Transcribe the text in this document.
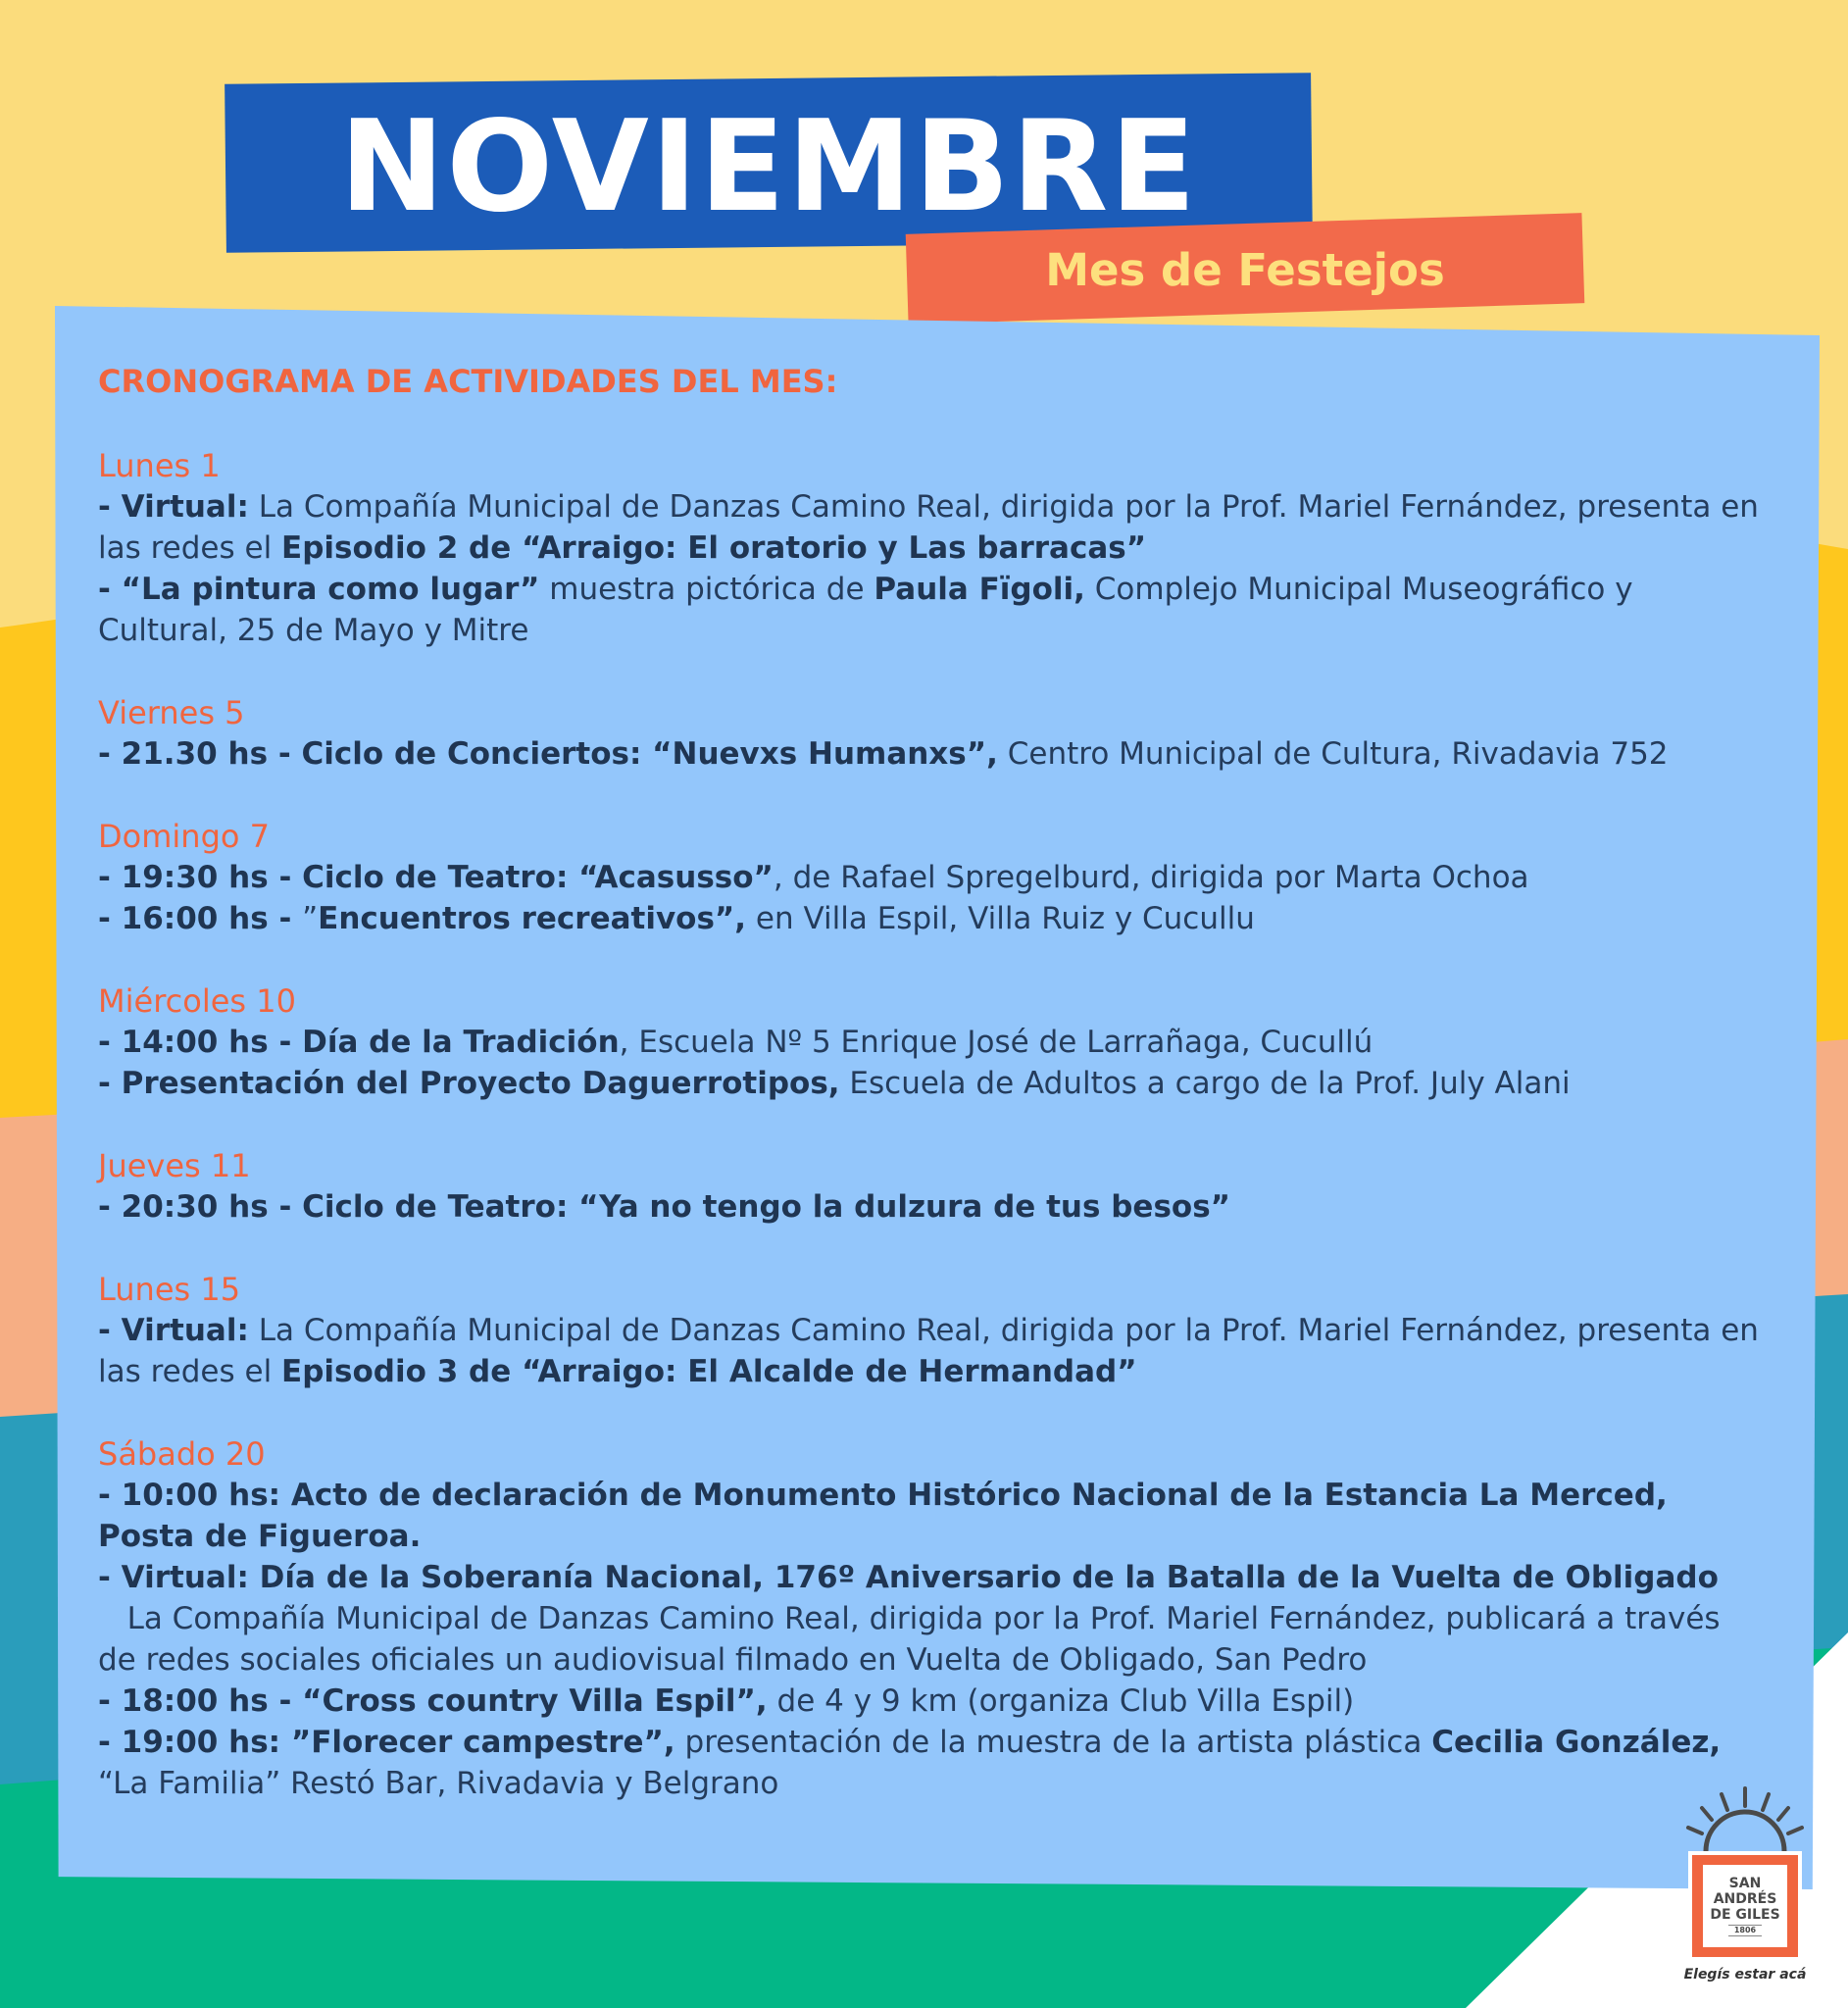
NOVIEMBRE
Mes de Festejos
CRONOGRAMA DE ACTIVIDADES DEL MES:
Lunes 1
- Virtual: La Compañía Municipal de Danzas Camino Real, dirigida por la Prof. Mariel Fernández, presenta en las redes el Episodio 2 de “Arraigo: El oratorio y Las barracas”
- “La pintura como lugar” muestra pictórica de Paula Fïgoli, Complejo Municipal Museográfico y Cultural, 25 de Mayo y Mitre
Viernes 5
- 21.30 hs - Ciclo de Conciertos: “Nuevxs Humanxs”, Centro Municipal de Cultura, Rivadavia 752
Domingo 7
- 19:30 hs - Ciclo de Teatro: “Acasusso”, de Rafael Spregelburd, dirigida por Marta Ochoa
- 16:00 hs - ”Encuentros recreativos”, en Villa Espil, Villa Ruiz y Cucullu
Miércoles 10
- 14:00 hs - Día de la Tradición, Escuela Nº 5 Enrique José de Larrañaga, Cucullú
- Presentación del Proyecto Daguerrotipos, Escuela de Adultos a cargo de la Prof. July Alani
Jueves 11
- 20:30 hs - Ciclo de Teatro: “Ya no tengo la dulzura de tus besos”
Lunes 15
- Virtual: La Compañía Municipal de Danzas Camino Real, dirigida por la Prof. Mariel Fernández, presenta en las redes el Episodio 3 de “Arraigo: El Alcalde de Hermandad”
Sábado 20
- 10:00 hs: Acto de declaración de Monumento Histórico Nacional de la Estancia La Merced, Posta de Figueroa.
- Virtual: Día de la Soberanía Nacional, 176º Aniversario de la Batalla de la Vuelta de Obligado
La Compañía Municipal de Danzas Camino Real, dirigida por la Prof. Mariel Fernández, publicará a través de redes sociales oficiales un audiovisual filmado en Vuelta de Obligado, San Pedro
- 18:00 hs - “Cross country Villa Espil”, de 4 y 9 km (organiza Club Villa Espil)
- 19:00 hs: ”Florecer campestre”, presentación de la muestra de la artista plástica Cecilia González, “La Familia” Restó Bar, Rivadavia y Belgrano
SAN
ANDRÉS
DE GILES
1806
Elegís estar acá
